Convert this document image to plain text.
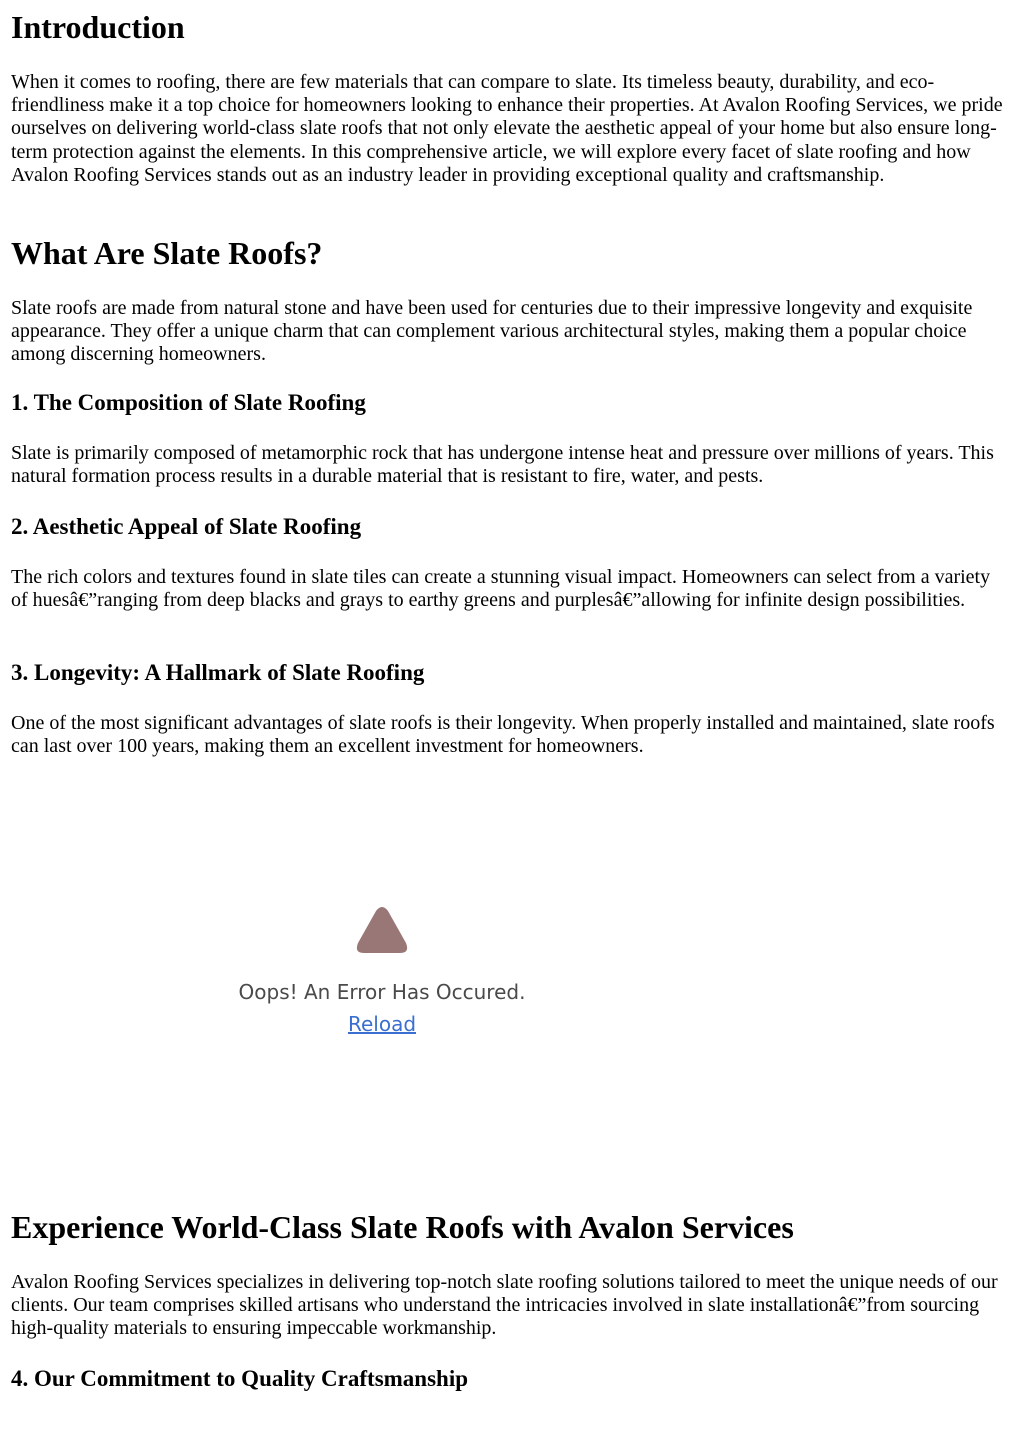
Introduction

When it comes to roofing, there are few materials that can compare to slate. Its timeless beauty, durability, and eco-friendliness make it a top choice for homeowners looking to enhance their properties. At Avalon Roofing Services, we pride ourselves on delivering world-class slate roofs that not only elevate the aesthetic appeal of your home but also ensure long-term protection against the elements. In this comprehensive article, we will explore every facet of slate roofing and how Avalon Roofing Services stands out as an industry leader in providing exceptional quality and craftsmanship.

What Are Slate Roofs?

Slate roofs are made from natural stone and have been used for centuries due to their impressive longevity and exquisite appearance. They offer a unique charm that can complement various architectural styles, making them a popular choice among discerning homeowners.

1. The Composition of Slate Roofing

Slate is primarily composed of metamorphic rock that has undergone intense heat and pressure over millions of years. This natural formation process results in a durable material that is resistant to fire, water, and pests.

2. Aesthetic Appeal of Slate Roofing

The rich colors and textures found in slate tiles can create a stunning visual impact. Homeowners can select from a variety of huesâ€”ranging from deep blacks and grays to earthy greens and purplesâ€”allowing for infinite design possibilities.

3. Longevity: A Hallmark of Slate Roofing

One of the most significant advantages of slate roofs is their longevity. When properly installed and maintained, slate roofs can last over 100 years, making them an excellent investment for homeowners.

Oops! An Error Has Occured.
Reload
Experience World-Class Slate Roofs with Avalon Services

Avalon Roofing Services specializes in delivering top-notch slate roofing solutions tailored to meet the unique needs of our clients. Our team comprises skilled artisans who understand the intricacies involved in slate installationâ€”from sourcing high-quality materials to ensuring impeccable workmanship.

4. Our Commitment to Quality Craftsmanship
